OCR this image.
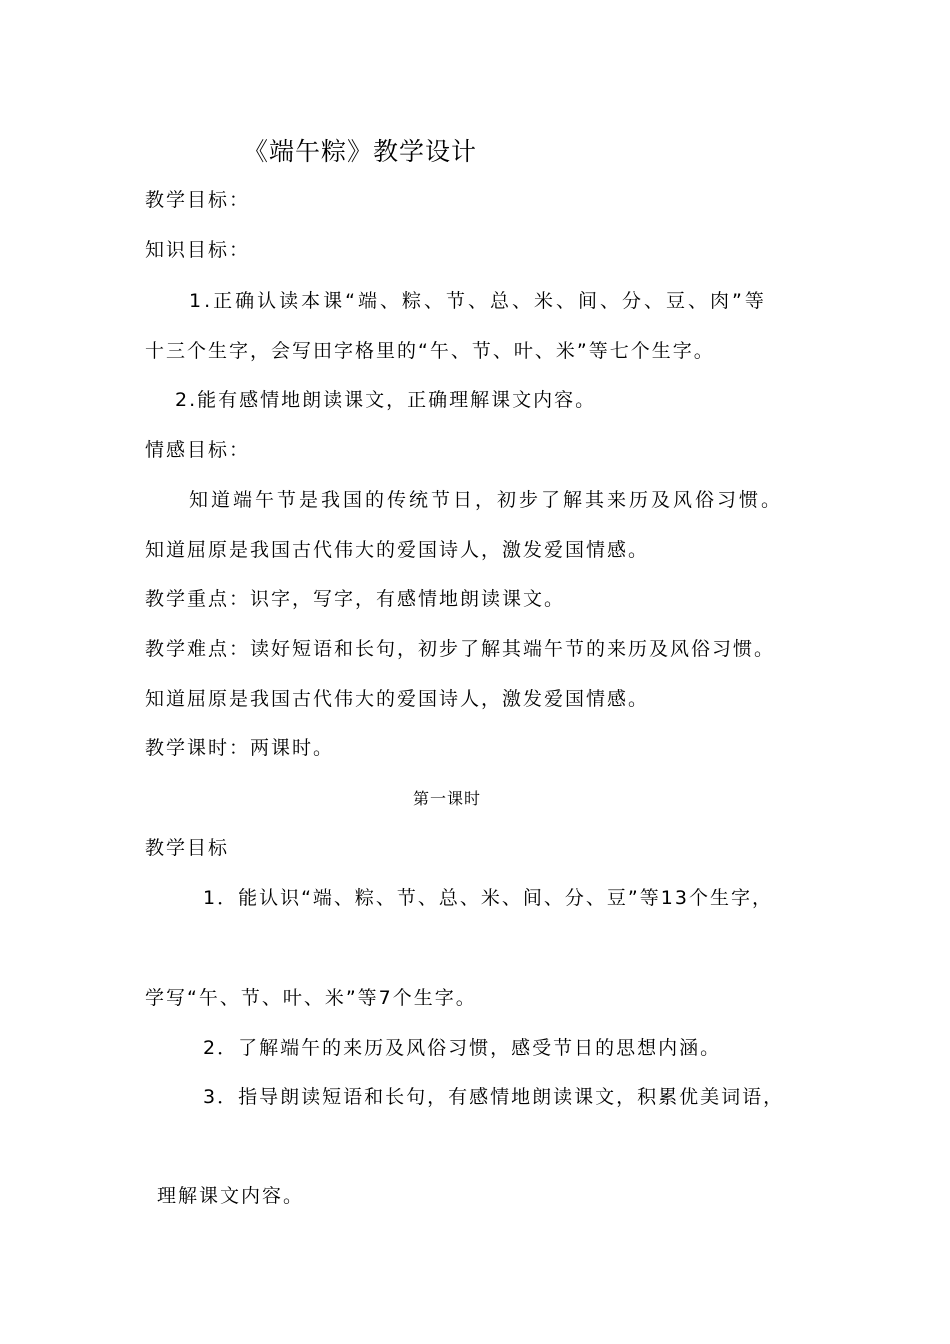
《端午粽》教学设计
教学目标：
知识目标：
1.正确认读本课“端、粽、节、总、米、间、分、豆、肉”等
十三个生字，会写田字格里的“午、节、叶、米”等七个生字。
2.能有感情地朗读课文，正确理解课文内容。
情感目标：
知道端午节是我国的传统节日，初步了解其来历及风俗习惯。
知道屈原是我国古代伟大的爱国诗人，激发爱国情感。
教学重点：识字，写字，有感情地朗读课文。
教学难点：读好短语和长句，初步了解其端午节的来历及风俗习惯。
知道屈原是我国古代伟大的爱国诗人，激发爱国情感。
教学课时：两课时。
第一课时
教学目标
1．能认识“端、粽、节、总、米、间、分、豆”等13个生字，
学写“午、节、叶、米”等7个生字。
2．了解端午的来历及风俗习惯，感受节日的思想内涵。
3．指导朗读短语和长句，有感情地朗读课文，积累优美词语，
理解课文内容。
